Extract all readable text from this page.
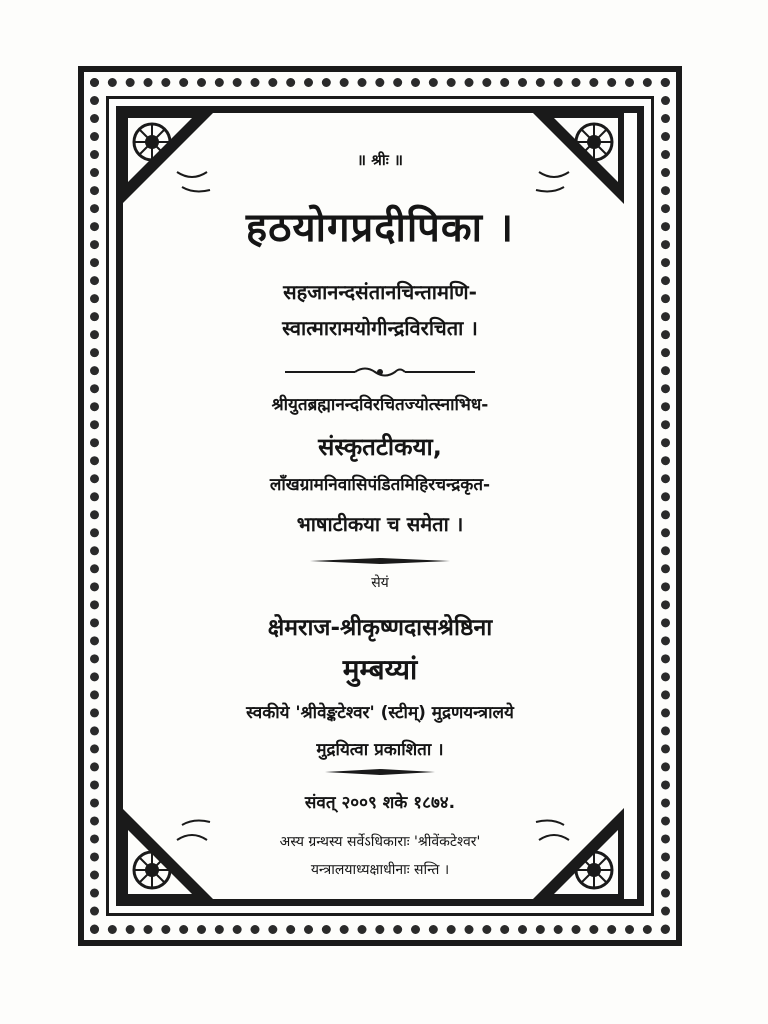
॥ श्रीः ॥
हठयोगप्रदीपिका ।
सहजानन्दसंतानचिन्तामणि-
स्वात्मारामयोगीन्द्रविरचिता ।
श्रीयुतब्रह्मानन्दविरचितज्योत्स्नाभिध-
संस्कृतटीकया,
लाँखग्रामनिवासिपंडितमिहिरचन्द्रकृत-
भाषाटीकया च समेता ।
सेयं
क्षेमराज-श्रीकृष्णदासश्रेष्ठिना
मुम्बय्यां
स्वकीये 'श्रीवेङ्कटेश्वर' (स्टीम्) मुद्रणयन्त्रालये
मुद्रयित्वा प्रकाशिता ।
संवत् २००९ शके १८७४.
अस्य ग्रन्थस्य सर्वेऽधिकाराः 'श्रीवेंकटेश्वर'
यन्त्रालयाध्यक्षाधीनाः सन्ति ।
